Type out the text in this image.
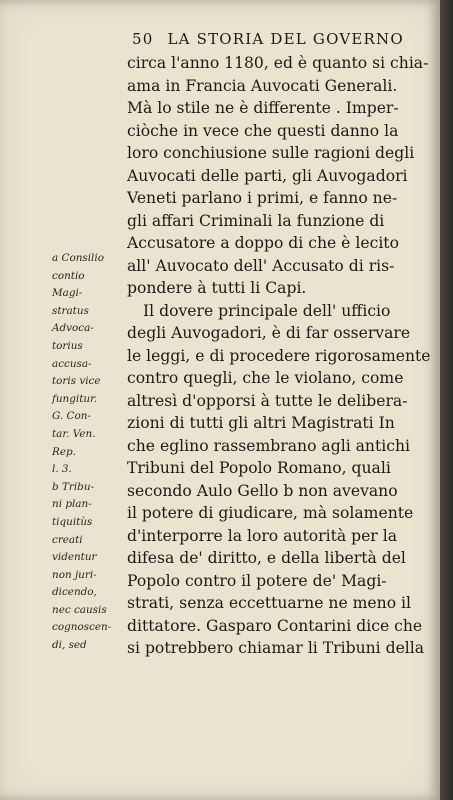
50 LA STORIA DEL GOVERNO
circa l'anno 1180, ed è quanto si chia-
ama in Francia Auvocati Generali.
Mà lo stile ne è differente . Imper-
ciòche in vece che questi danno la
loro conchiusione sulle ragioni degli
Auvocati delle parti, gli Auvogadori
Veneti parlano i primi, e fanno ne-
gli affari Criminali la funzione di
Accusatore a doppo di che è lecito
all' Auvocato dell' Accusato di ris-
pondere à tutti li Capi.
Il dovere principale dell' ufficio
degli Auvogadori, è di far osservare
le leggi, e di procedere rigorosamente
contro quegli, che le violano, come
altresì d'opporsi à tutte le delibera-
zioni di tutti gli altri Magistrati In
che eglino rassembrano agli antichi
Tribuni del Popolo Romano, quali
secondo Aulo Gello b non avevano
il potere di giudicare, mà solamente
d'interporre la loro autorità per la
difesa de' diritto, e della libertà del
Popolo contro il potere de' Magi-
strati, senza eccettuarne ne meno il
dittatore. Gasparo Contarini dice che
si potrebbero chiamar li Tribuni della
a Consilio
contio
Magi-
stratus
Advoca-
torius
accusa-
toris vice
fungitur.
G. Con-
tar. Ven.
Rep.
l. 3.
b Tribu-
ni plan-
tiquitùs
creati
videntur
non juri-
dicendo,
nec causis
cognoscen-
di, sed
